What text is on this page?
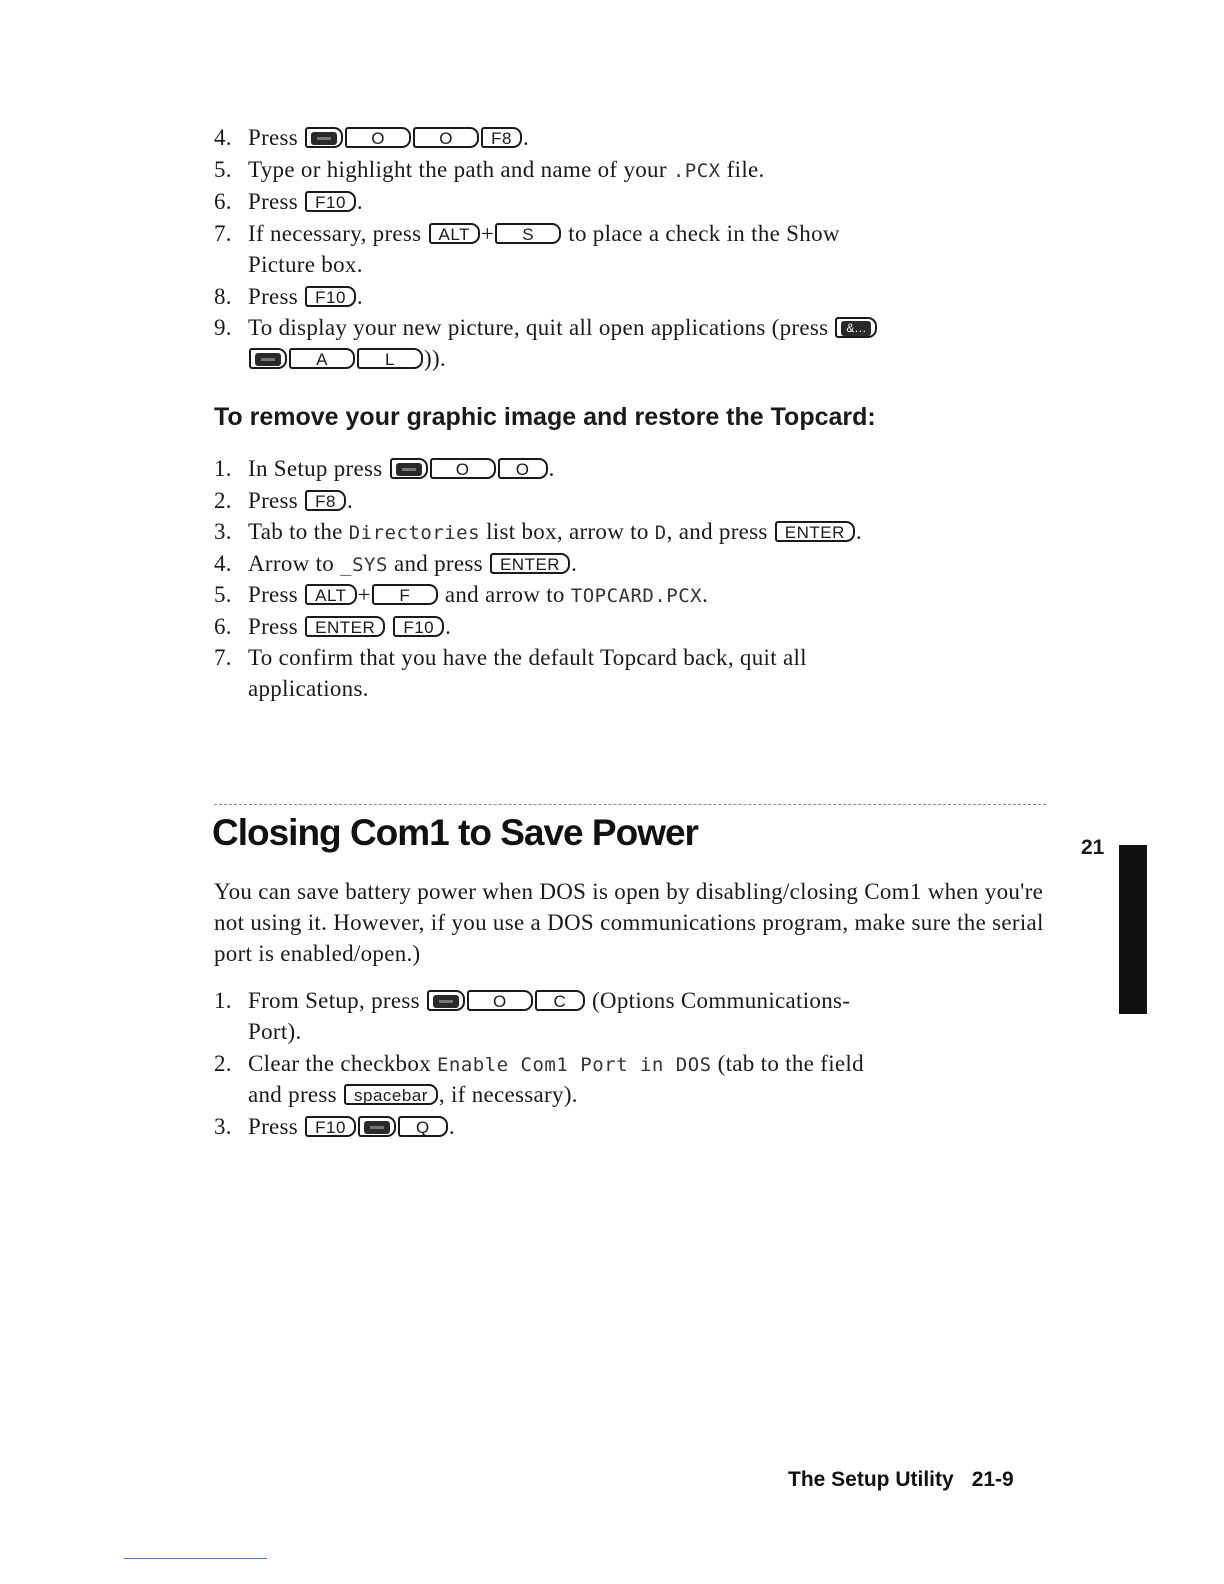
4. Press	O	O F8 .
5. Type or highlight the path and name of your .PCX file.
6. Press F10 .
7. If necessary, press ALT + S to place a check in the Show
Picture box.
8. Press F10 .
9. To display your new picture, quit all open applications (press &...
A	L )).
To remove your graphic image and restore the Topcard:
1. In Setup press	O	O .
2. Press F8 .
3. Tab to the Directories list box, arrow to D, and press ENTER .
4. Arrow to _SYS and press ENTER .
5. Press ALT + F and arrow to TOPCARD.PCX.
6. Press ENTER F10 .
7. To confirm that you have the default Topcard back, quit all
applications.
Closing Com1 to Save Power	21
You can save battery power when DOS is open by disabling/closing Com1 when you're not using it. However, if you use a DOS communications program, make sure the serial port is enabled/open.)
1. From Setup, press	O	C (Options Communications-
Port).
2. Clear the checkbox Enable Com1 Port in DOS (tab to the field
and press spacebar , if necessary).
3. Press F10	Q .
The Setup Utility 21-9
